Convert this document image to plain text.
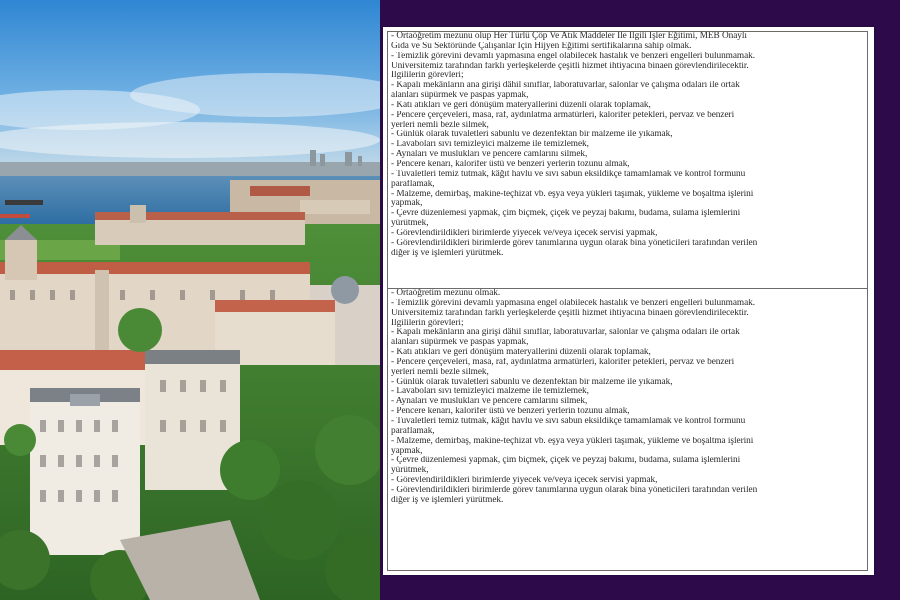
- Ortaöğretim mezunu olup Her Türlü Çöp Ve Atık Maddeler İle İlgili İşler Eğitimi, MEB Onaylı
Gıda ve Su Sektöründe Çalışanlar İçin Hijyen Eğitimi sertifikalarına sahip olmak.
- Temizlik görevini devamlı yapmasına engel olabilecek hastalık ve benzeri engelleri bulunmamak.
Üniversitemiz tarafından farklı yerleşkelerde çeşitli hizmet ihtiyacına binaen görevlendirilecektir.
İlgililerin görevleri;
- Kapalı mekânların ana girişi dâhil sınıflar, laboratuvarlar, salonlar ve çalışma odaları ile ortak
alanları süpürmek ve paspas yapmak,
- Katı atıkları ve geri dönüşüm materyallerini düzenli olarak toplamak,
- Pencere çerçeveleri, masa, raf, aydınlatma armatürleri, kalorifer petekleri, pervaz ve benzeri
yerleri nemli bezle silmek,
- Günlük olarak tuvaletleri sabunlu ve dezenfektan bir malzeme ile yıkamak,
- Lavaboları sıvı temizleyici malzeme ile temizlemek,
- Aynaları ve muslukları ve pencere camlarını silmek,
- Pencere kenarı, kalorifer üstü ve benzeri yerlerin tozunu almak,
- Tuvaletleri temiz tutmak, kâğıt havlu ve sıvı sabun eksildikçe tamamlamak ve kontrol formunu
paraflamak,
- Malzeme, demirbaş, makine-teçhizat vb. eşya veya yükleri taşımak, yükleme ve boşaltma işlerini
yapmak,
- Çevre düzenlemesi yapmak, çim biçmek, çiçek ve peyzaj bakımı, budama, sulama işlemlerini
yürütmek,
- Görevlendirildikleri birimlerde yiyecek ve/veya içecek servisi yapmak,
- Görevlendirildikleri birimlerde görev tanımlarına uygun olarak bina yöneticileri tarafından verilen
diğer iş ve işlemleri yürütmek.
- Ortaöğretim mezunu olmak.
- Temizlik görevini devamlı yapmasına engel olabilecek hastalık ve benzeri engelleri bulunmamak.
Üniversitemiz tarafından farklı yerleşkelerde çeşitli hizmet ihtiyacına binaen görevlendirilecektir.
İlgililerin görevleri;
- Kapalı mekânların ana girişi dâhil sınıflar, laboratuvarlar, salonlar ve çalışma odaları ile ortak
alanları süpürmek ve paspas yapmak,
- Katı atıkları ve geri dönüşüm materyallerini düzenli olarak toplamak,
- Pencere çerçeveleri, masa, raf, aydınlatma armatürleri, kalorifer petekleri, pervaz ve benzeri
yerleri nemli bezle silmek,
- Günlük olarak tuvaletleri sabunlu ve dezenfektan bir malzeme ile yıkamak,
- Lavaboları sıvı temizleyici malzeme ile temizlemek,
- Aynaları ve muslukları ve pencere camlarını silmek,
- Pencere kenarı, kalorifer üstü ve benzeri yerlerin tozunu almak,
- Tuvaletleri temiz tutmak, kâğıt havlu ve sıvı sabun eksildikçe tamamlamak ve kontrol formunu
paraflamak,
- Malzeme, demirbaş, makine-teçhizat vb. eşya veya yükleri taşımak, yükleme ve boşaltma işlerini
yapmak,
- Çevre düzenlemesi yapmak, çim biçmek, çiçek ve peyzaj bakımı, budama, sulama işlemlerini
yürütmek,
- Görevlendirildikleri birimlerde yiyecek ve/veya içecek servisi yapmak,
- Görevlendirildikleri birimlerde görev tanımlarına uygun olarak bina yöneticileri tarafından verilen
diğer iş ve işlemleri yürütmek.
